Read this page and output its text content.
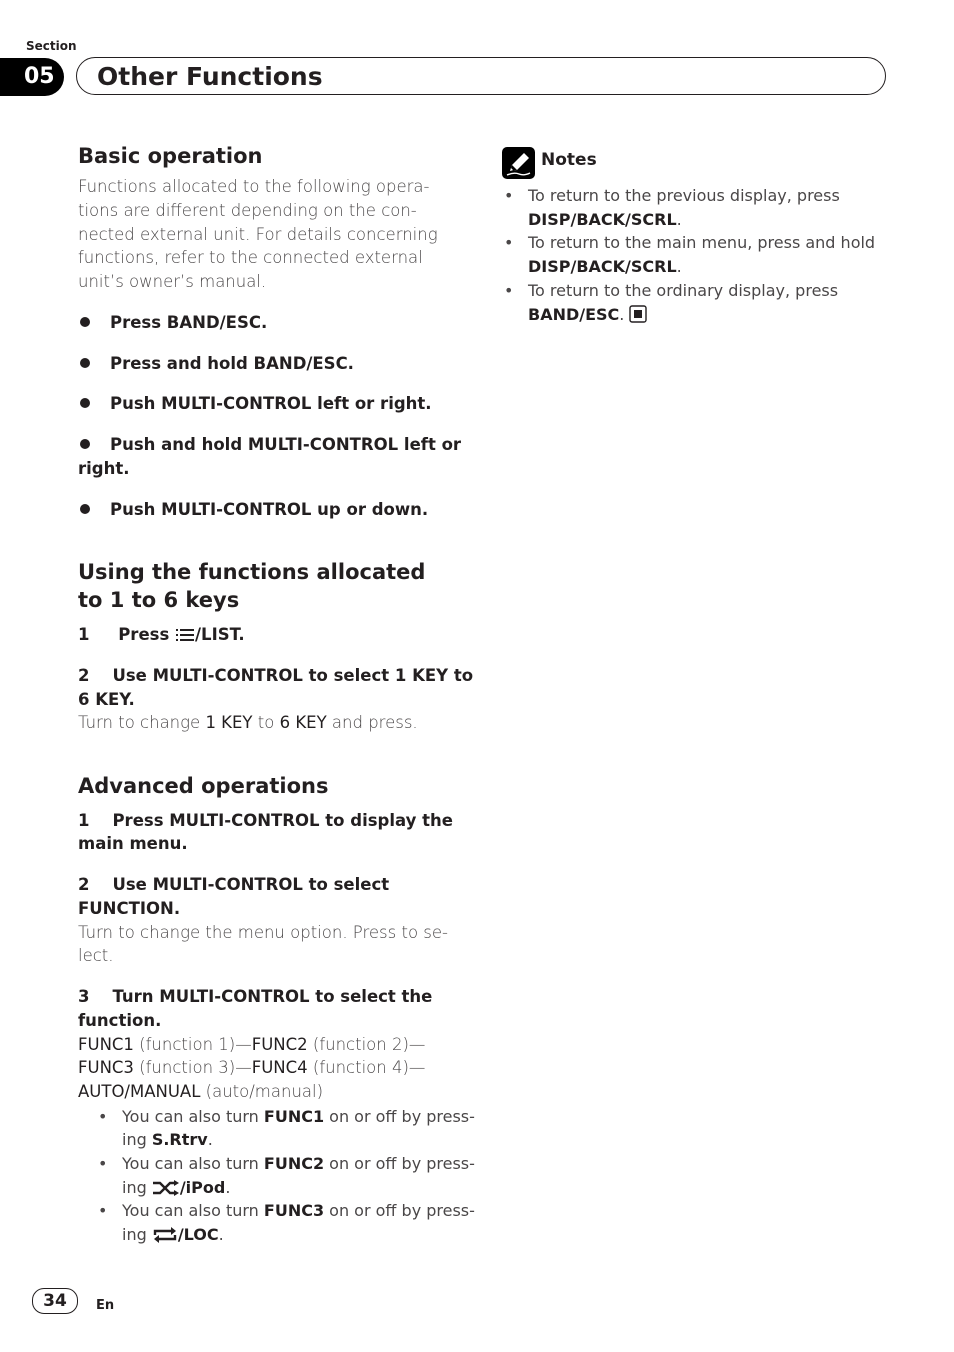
Section
05	Other Functions
Basic operation
Functions allocated to the following opera-
tions are different depending on the con-
nected external unit. For details concerning
functions, refer to the connected external
unit’s owner’s manual.
Press BAND/ESC.
Press and hold BAND/ESC.
Push MULTI-CONTROL left or right.
Push and hold MULTI-CONTROL left or
right.
Push MULTI-CONTROL up or down.
Using the functions allocated
to 1 to 6 keys
1 Press /LIST.
2    Use MULTI-CONTROL to select 1 KEY to
6 KEY.
Turn to change 1 KEY to 6 KEY and press.
Advanced operations
1    Press MULTI-CONTROL to display the
main menu.
2    Use MULTI-CONTROL to select
FUNCTION.
Turn to change the menu option. Press to se-
lect.
3    Turn MULTI-CONTROL to select the
function.
FUNC1 (function 1)—FUNC2 (function 2)—
FUNC3 (function 3)—FUNC4 (function 4)—
AUTO/MANUAL (auto/manual)
• You can also turn FUNC1 on or off by press-
ing S.Rtrv.
• You can also turn FUNC2 on or off by press-
ing /iPod.
• You can also turn FUNC3 on or off by press-
ing /LOC.
Notes
• To return to the previous display, press
DISP/BACK/SCRL.
• To return to the main menu, press and hold
DISP/BACK/SCRL.
• To return to the ordinary display, press
BAND/ESC.
34	En
